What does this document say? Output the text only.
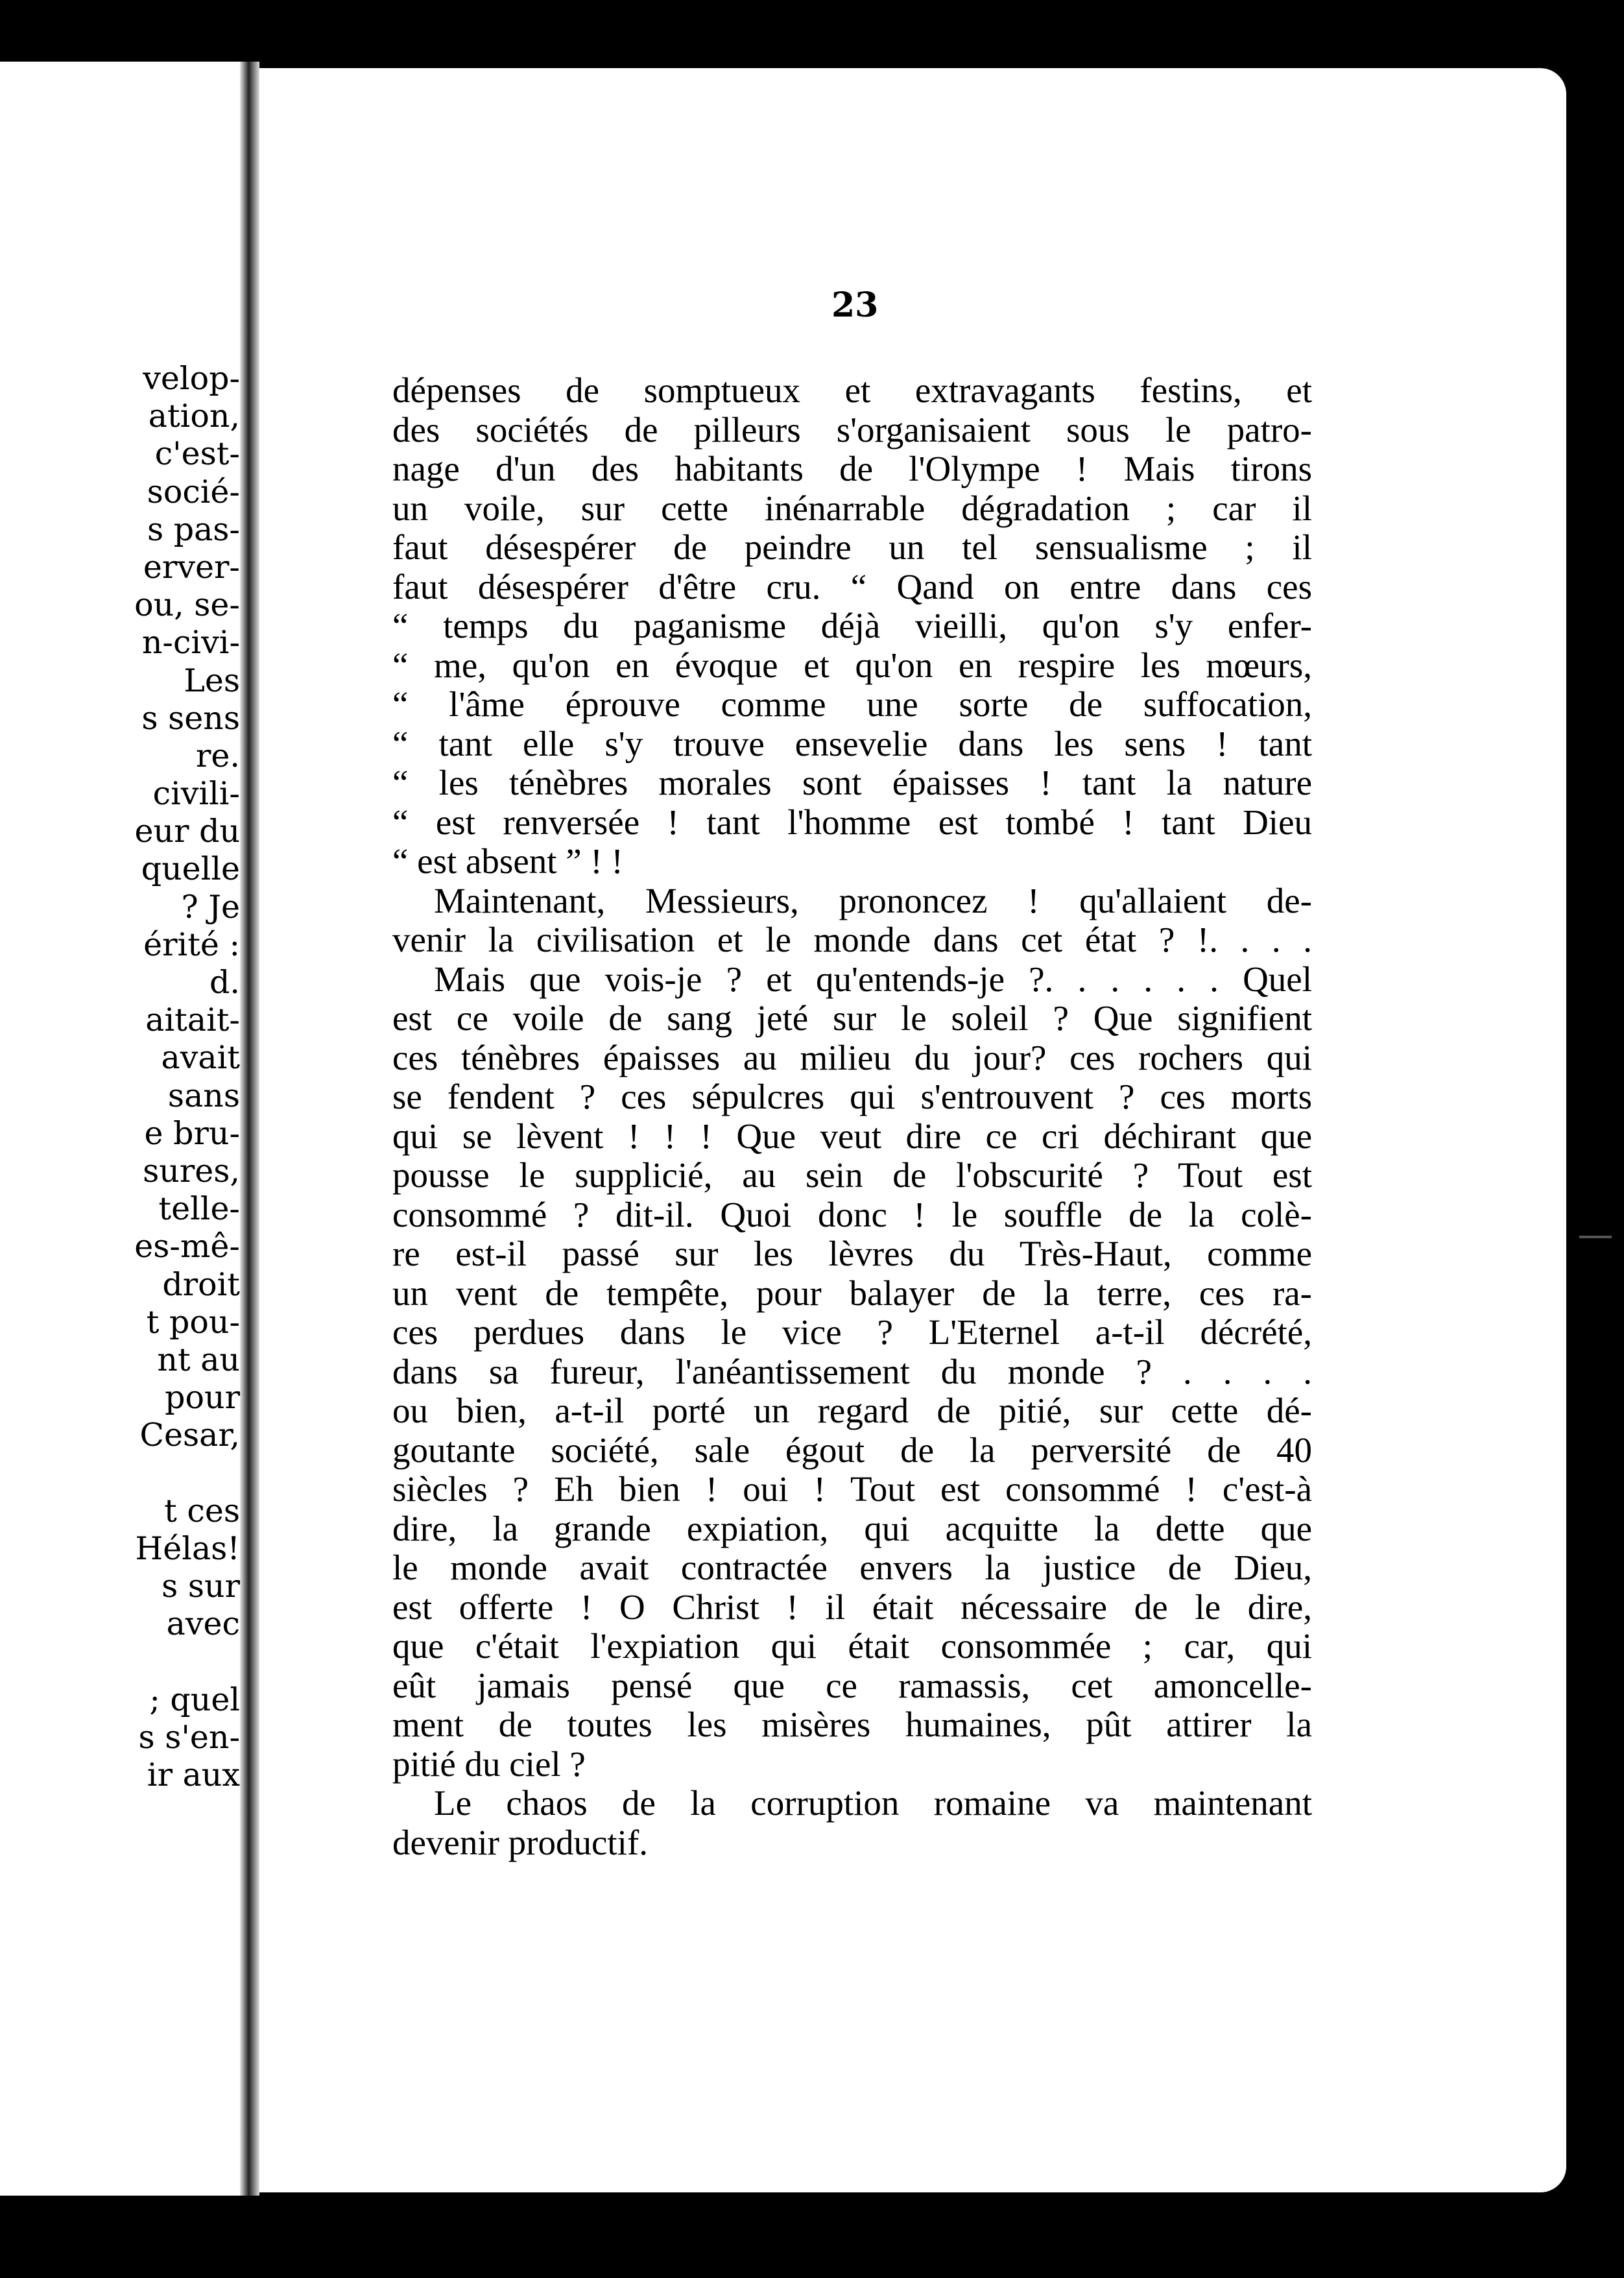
velop-
ation,
c'est-
socié-
s pas-
erver-
ou, se-
n-civi-
Les
s sens
re.
civili-
eur du
quelle
? Je
érité :
d.
aitait-
avait
sans
e bru-
sures,
telle-
es-mê-
droit
t pou-
nt au
pour
Cesar,
t ces
Hélas!
s sur
avec
; quel
s s'en-
ir aux
23
dépenses de somptueux et extravagants festins, et
des sociétés de pilleurs s'organisaient sous le patro-
nage d'un des habitants de l'Olympe ! Mais tirons
un voile, sur cette inénarrable dégradation ; car il
faut désespérer de peindre un tel sensualisme ; il
faut désespérer d'être cru. “ Qand on entre dans ces
“ temps du paganisme déjà vieilli, qu'on s'y enfer-
“ me, qu'on en évoque et qu'on en respire les mœurs,
“ l'âme éprouve comme une sorte de suffocation,
“ tant elle s'y trouve ensevelie dans les sens ! tant
“ les ténèbres morales sont épaisses ! tant la nature
“ est renversée ! tant l'homme est tombé ! tant Dieu
“ est absent ” ! !
Maintenant, Messieurs, prononcez ! qu'allaient de-
venir la civilisation et le monde dans cet état ? !. . . .
Mais que vois-je ? et qu'entends-je ?. . . . . . Quel
est ce voile de sang jeté sur le soleil ? Que signifient
ces ténèbres épaisses au milieu du jour? ces rochers qui
se fendent ? ces sépulcres qui s'entrouvent ? ces morts
qui se lèvent ! ! ! Que veut dire ce cri déchirant que
pousse le supplicié, au sein de l'obscurité ? Tout est
consommé ? dit-il. Quoi donc ! le souffle de la colè-
re est-il passé sur les lèvres du Très-Haut, comme
un vent de tempête, pour balayer de la terre, ces ra-
ces perdues dans le vice ? L'Eternel a-t-il décrété,
dans sa fureur, l'anéantissement du monde ? . . . .
ou bien, a-t-il porté un regard de pitié, sur cette dé-
goutante société, sale égout de la perversité de 40
siècles ? Eh bien ! oui ! Tout est consommé ! c'est-à
dire, la grande expiation, qui acquitte la dette que
le monde avait contractée envers la justice de Dieu,
est offerte ! O Christ ! il était nécessaire de le dire,
que c'était l'expiation qui était consommée ; car, qui
eût jamais pensé que ce ramassis, cet amoncelle-
ment de toutes les misères humaines, pût attirer la
pitié du ciel ?
Le chaos de la corruption romaine va maintenant
devenir productif.
